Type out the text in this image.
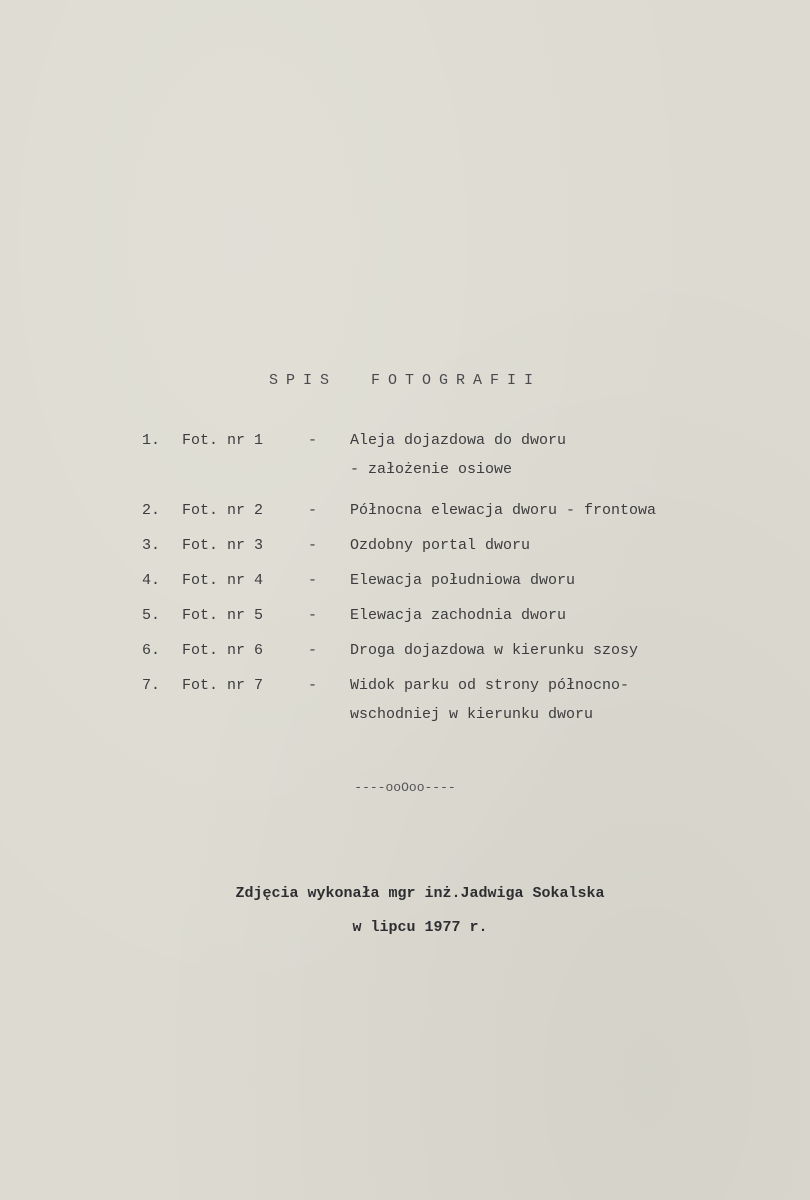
SPIS FOTOGRAFII
1.	Fot. nr 1	-	Aleja dojazdowa do dworu
- założenie osiowe
2.	Fot. nr 2	-	Północna elewacja dworu - frontowa
3.	Fot. nr 3	-	Ozdobny portal dworu
4.	Fot. nr 4	-	Elewacja południowa dworu
5.	Fot. nr 5	-	Elewacja zachodnia dworu
6.	Fot. nr 6	-	Droga dojazdowa w kierunku szosy
7.	Fot. nr 7	-	Widok parku od strony północno-
wschodniej w kierunku dworu
----ooOoo----
Zdjęcia wykonała mgr inż.Jadwiga Sokalska
w lipcu 1977 r.
